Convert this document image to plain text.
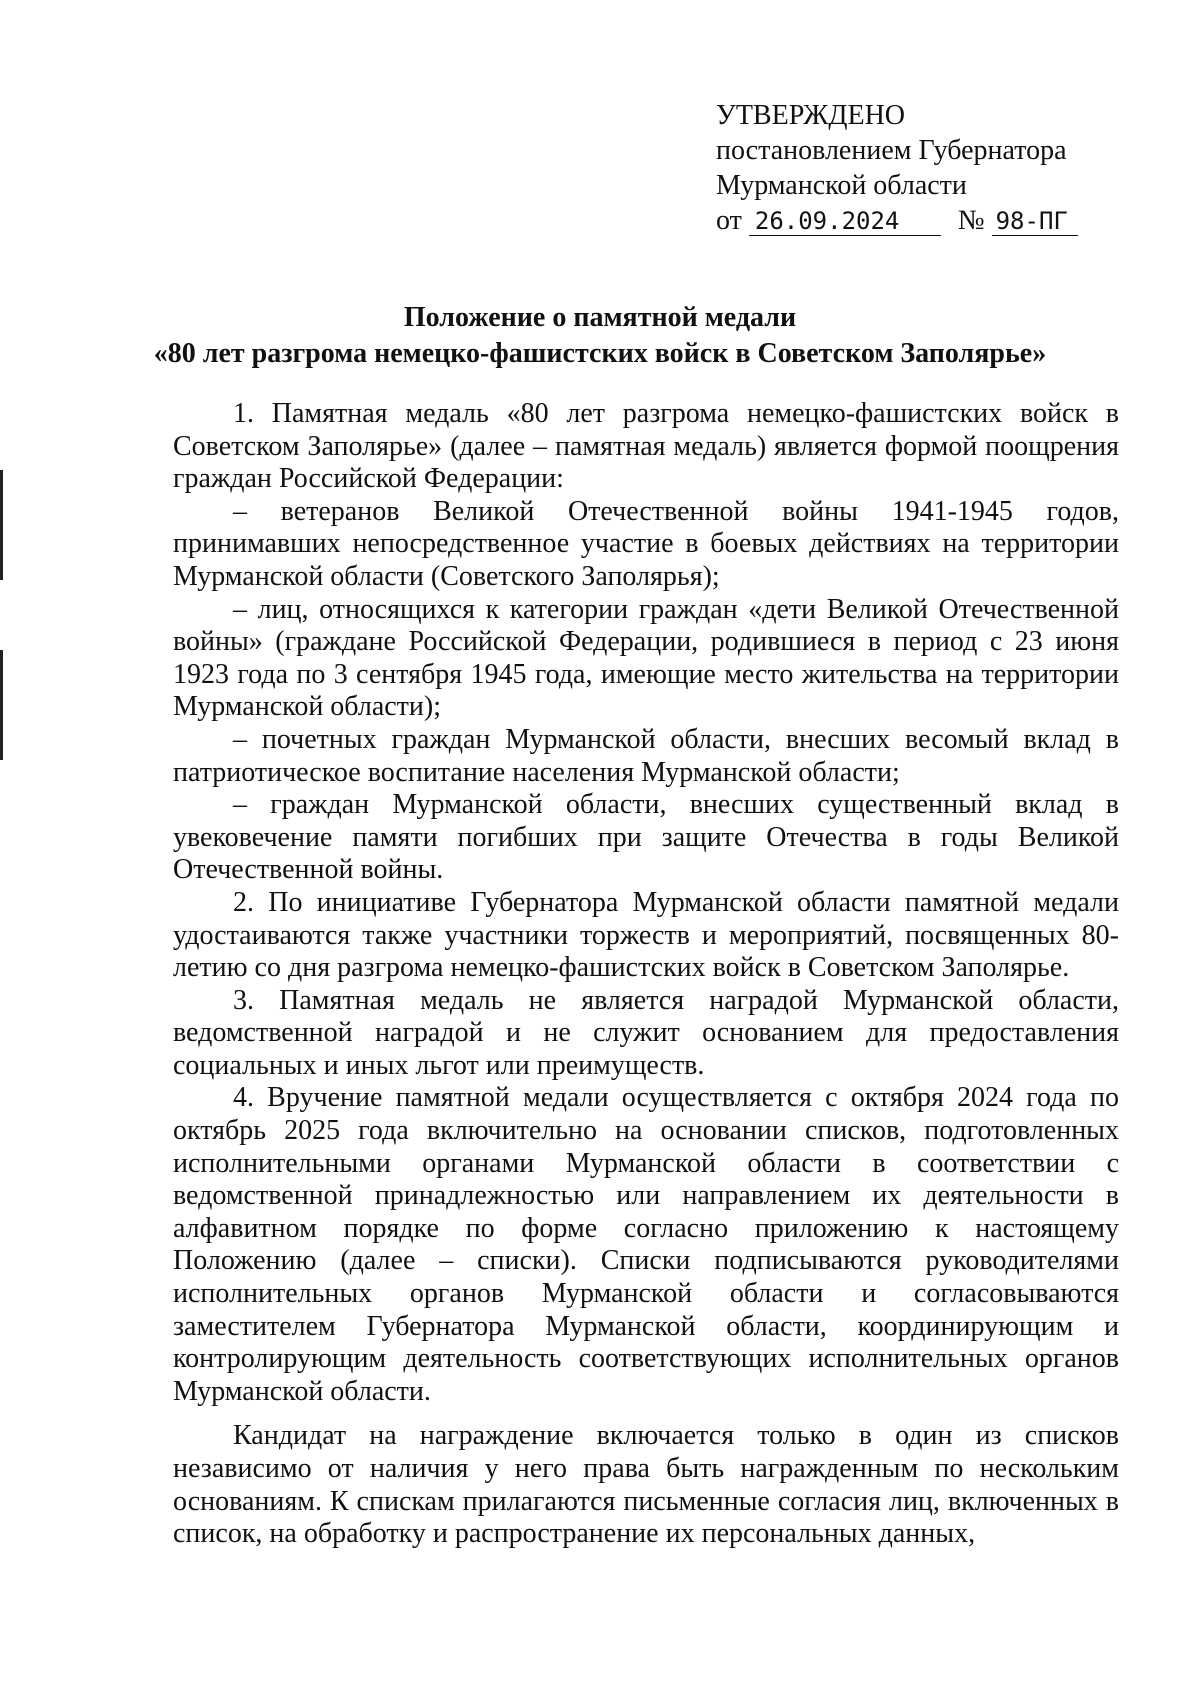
УТВЕРЖДЕНО
постановлением Губернатора
Мурманской области
от 26.09.2024 № 98-ПГ
Положение о памятной медали
«80 лет разгрома немецко-фашистских войск в Советском Заполярье»

1. Памятная медаль «80 лет разгрома немецко-фашистских войск в Советском Заполярье» (далее – памятная медаль) является формой поощрения граждан Российской Федерации:

– ветеранов Великой Отечественной войны 1941-1945 годов, принимавших непосредственное участие в боевых действиях на территории Мурманской области (Советского Заполярья);

– лиц, относящихся к категории граждан «дети Великой Отечественной войны» (граждане Российской Федерации, родившиеся в период с 23 июня 1923 года по 3 сентября 1945 года, имеющие место жительства на территории Мурманской области);

– почетных граждан Мурманской области, внесших весомый вклад в патриотическое воспитание населения Мурманской области;

– граждан Мурманской области, внесших существенный вклад в увековечение памяти погибших при защите Отечества в годы Великой Отечественной войны.

2. По инициативе Губернатора Мурманской области памятной медали удостаиваются также участники торжеств и мероприятий, посвященных 80-летию со дня разгрома немецко-фашистских войск в Советском Заполярье.

3. Памятная медаль не является наградой Мурманской области, ведомственной наградой и не служит основанием для предоставления социальных и иных льгот или преимуществ.

4. Вручение памятной медали осуществляется с октября 2024 года по октябрь 2025 года включительно на основании списков, подготовленных исполнительными органами Мурманской области в соответствии с ведомственной принадлежностью или направлением их деятельности в алфавитном порядке по форме согласно приложению к настоящему Положению (далее – списки). Списки подписываются руководителями исполнительных органов Мурманской области и согласовываются заместителем Губернатора Мурманской области, координирующим и контролирующим деятельность соответствующих исполнительных органов Мурманской области.

Кандидат на награждение включается только в один из списков независимо от наличия у него права быть награжденным по нескольким основаниям. К спискам прилагаются письменные согласия лиц, включенных в список, на обработку и распространение их персональных данных,
